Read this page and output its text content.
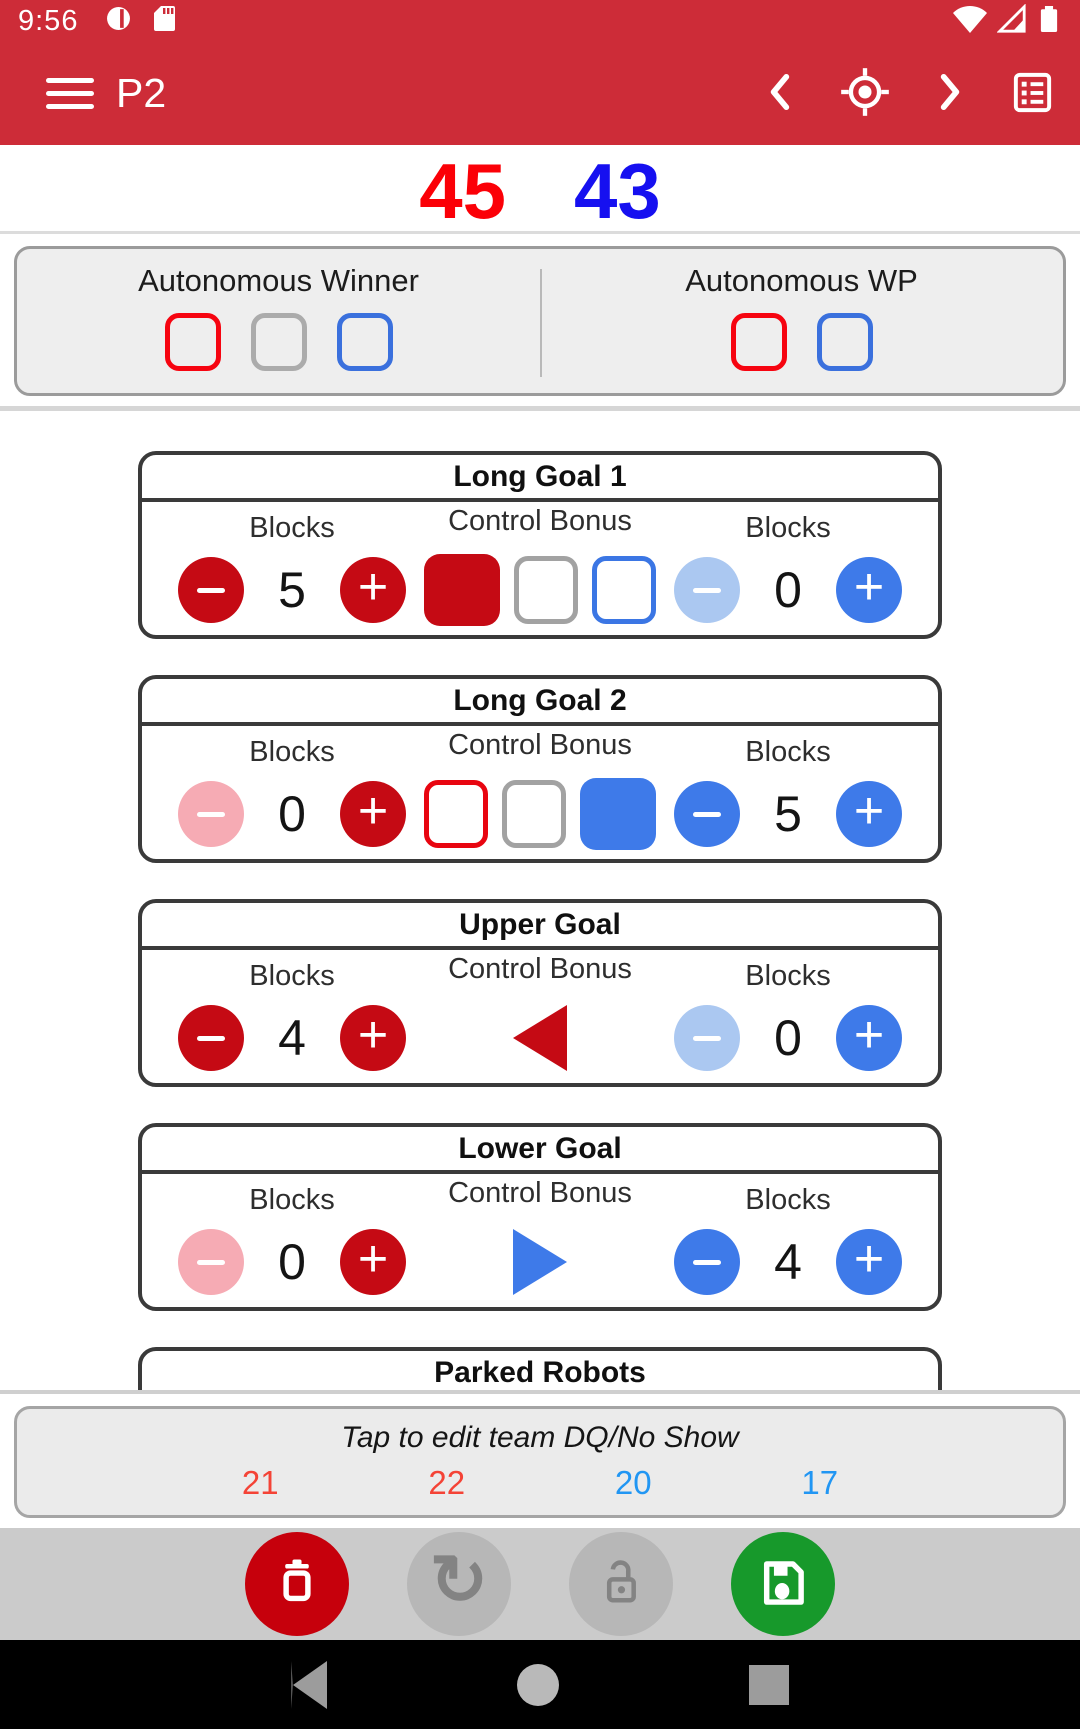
9:56
P2
45 43
Autonomous Winner	Autonomous WP
Long Goal 1
Blocks	Control Bonus	Blocks
5 +	0 +
Long Goal 2
Blocks	Control Bonus	Blocks
0 +	5 +
Upper Goal
Blocks	Control Bonus	Blocks
4 +	0 +
Lower Goal
Blocks	Control Bonus	Blocks
0 +	4 +
Parked Robots
Tap to edit team DQ/No Show
21	22	20	17
↻
